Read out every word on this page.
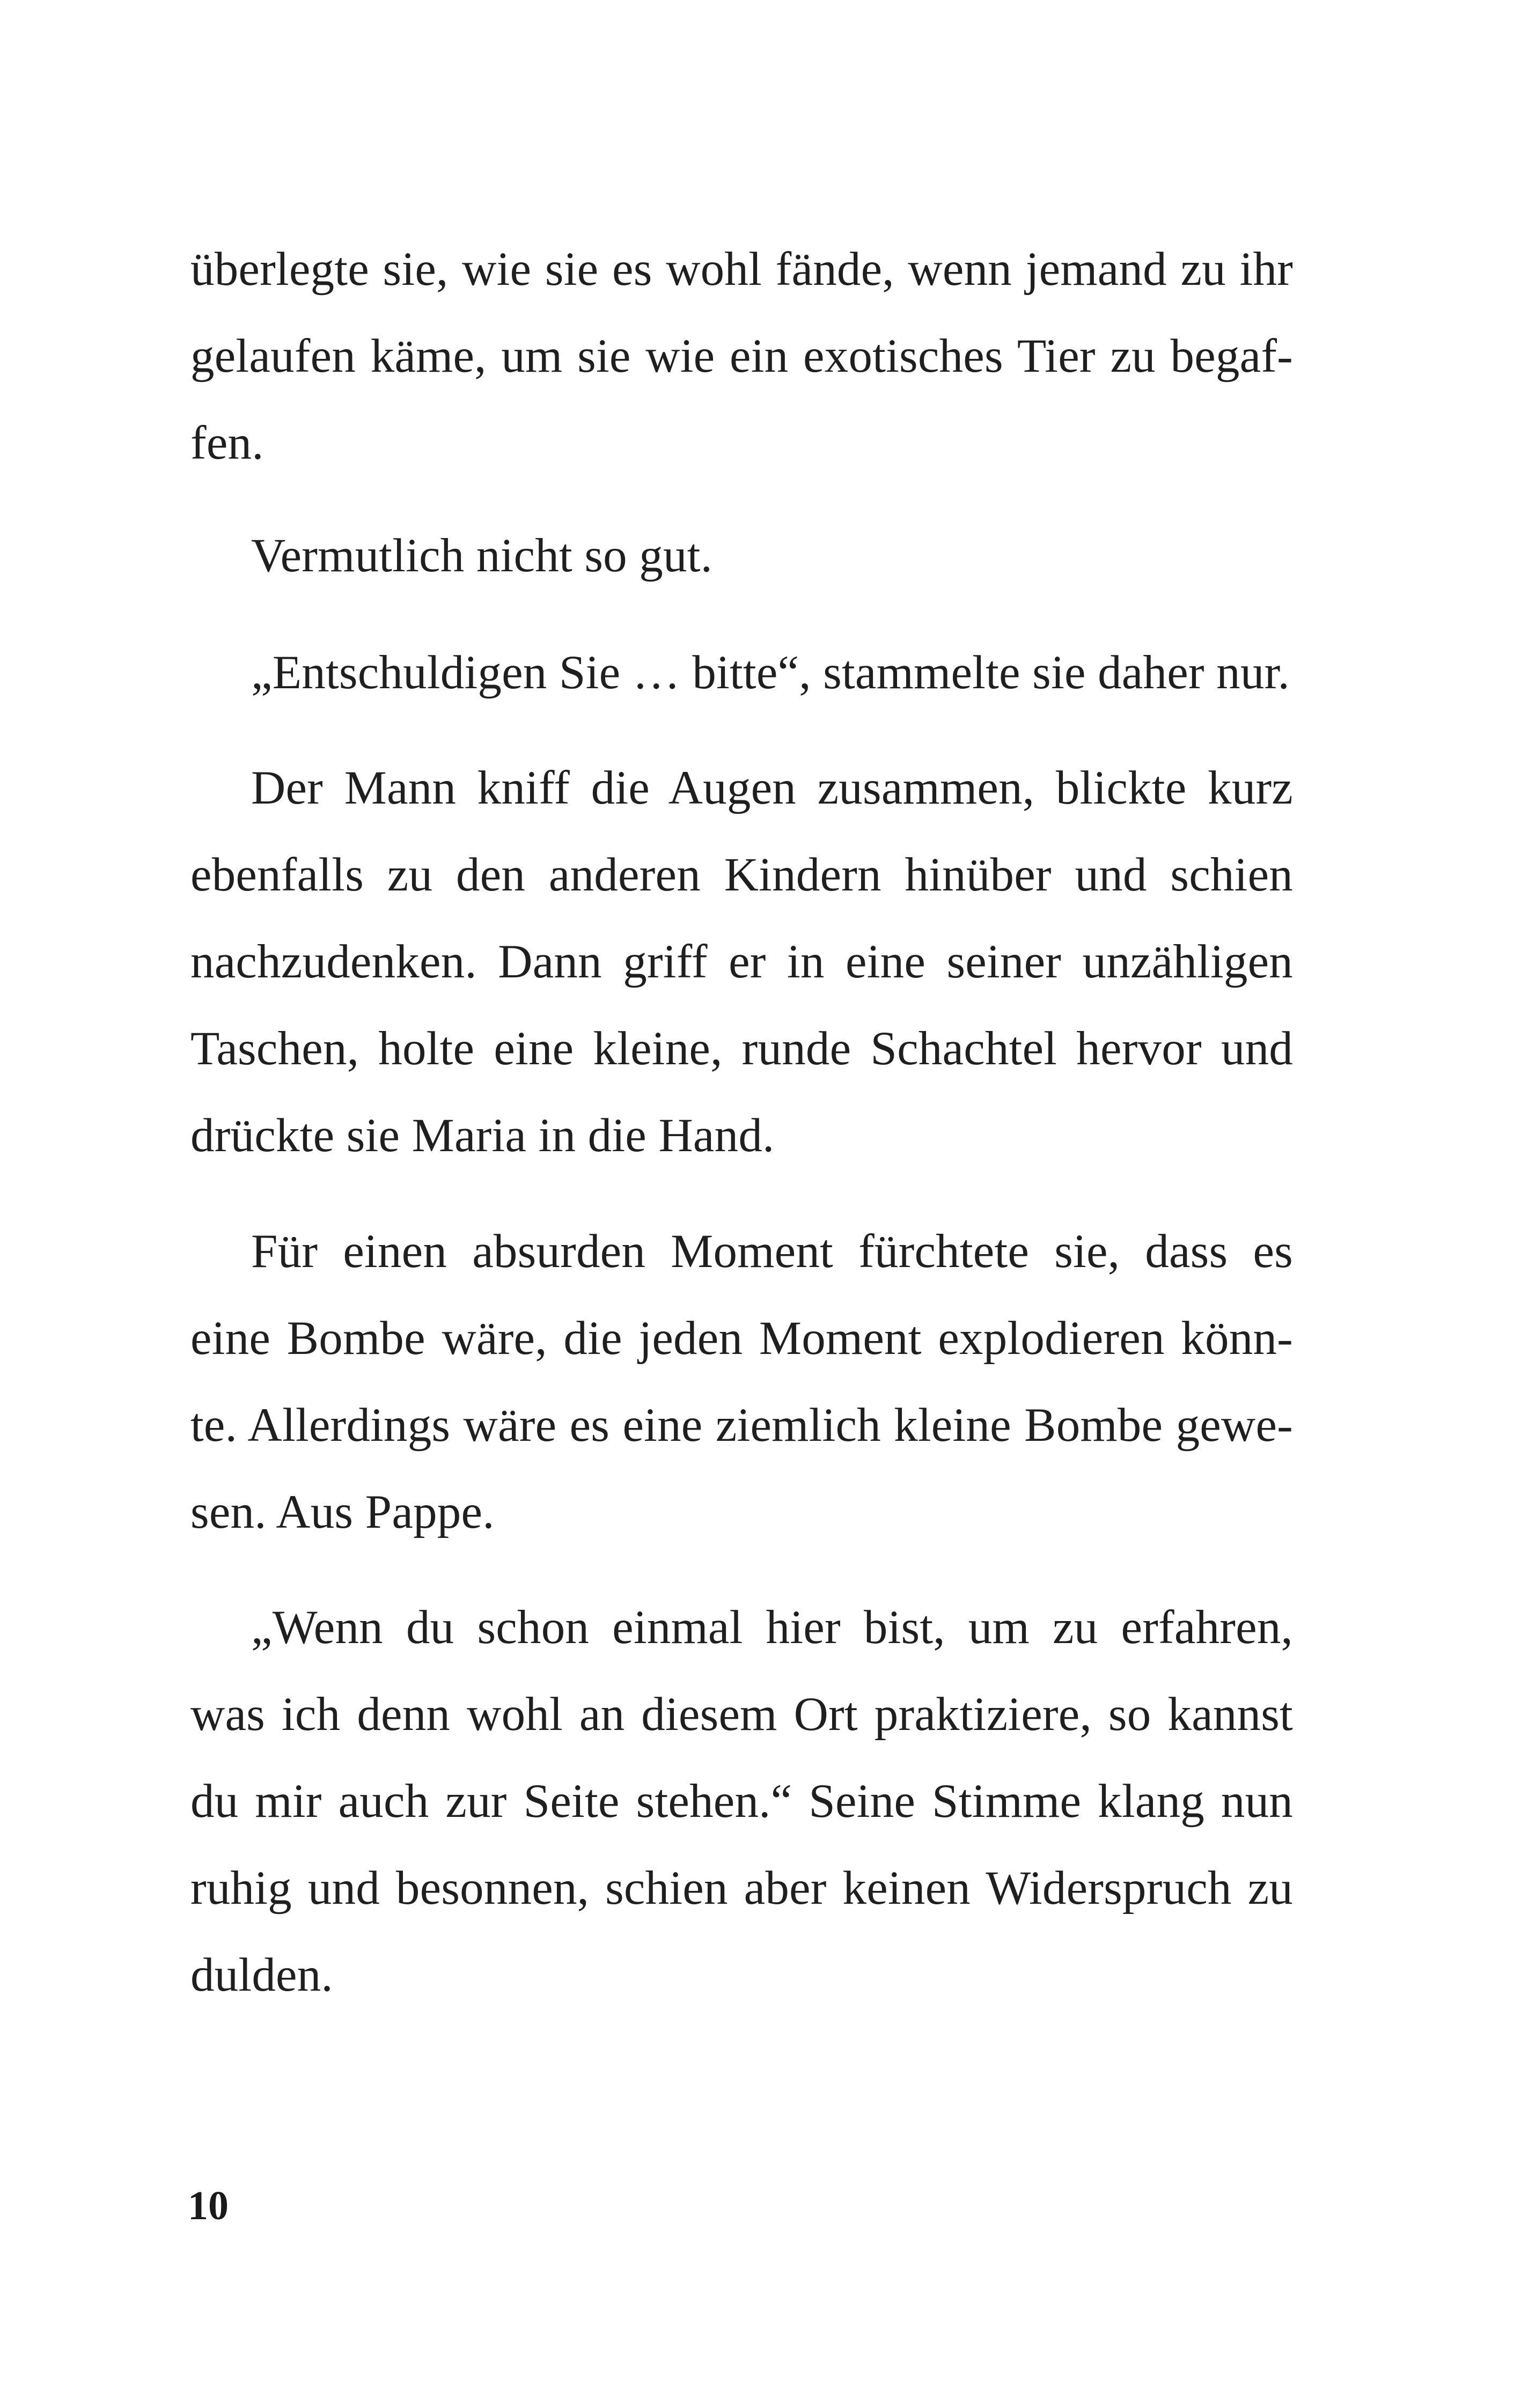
überlegte sie, wie sie es wohl fände, wenn jemand zu ihr
gelaufen käme, um sie wie ein exotisches Tier zu begaf-
fen.
Vermutlich nicht so gut.
„Entschuldigen Sie … bitte“, stammelte sie daher nur.
Der Mann kniff die Augen zusammen, blickte kurz
ebenfalls zu den anderen Kindern hinüber und schien
nachzudenken. Dann griff er in eine seiner unzähligen
Taschen, holte eine kleine, runde Schachtel hervor und
drückte sie Maria in die Hand.
Für einen absurden Moment fürchtete sie, dass es
eine Bombe wäre, die jeden Moment explodieren könn-
te. Allerdings wäre es eine ziemlich kleine Bombe gewe-
sen. Aus Pappe.
„Wenn du schon einmal hier bist, um zu erfahren,
was ich denn wohl an diesem Ort praktiziere, so kannst
du mir auch zur Seite stehen.“ Seine Stimme klang nun
ruhig und besonnen, schien aber keinen Widerspruch zu
dulden.
10
